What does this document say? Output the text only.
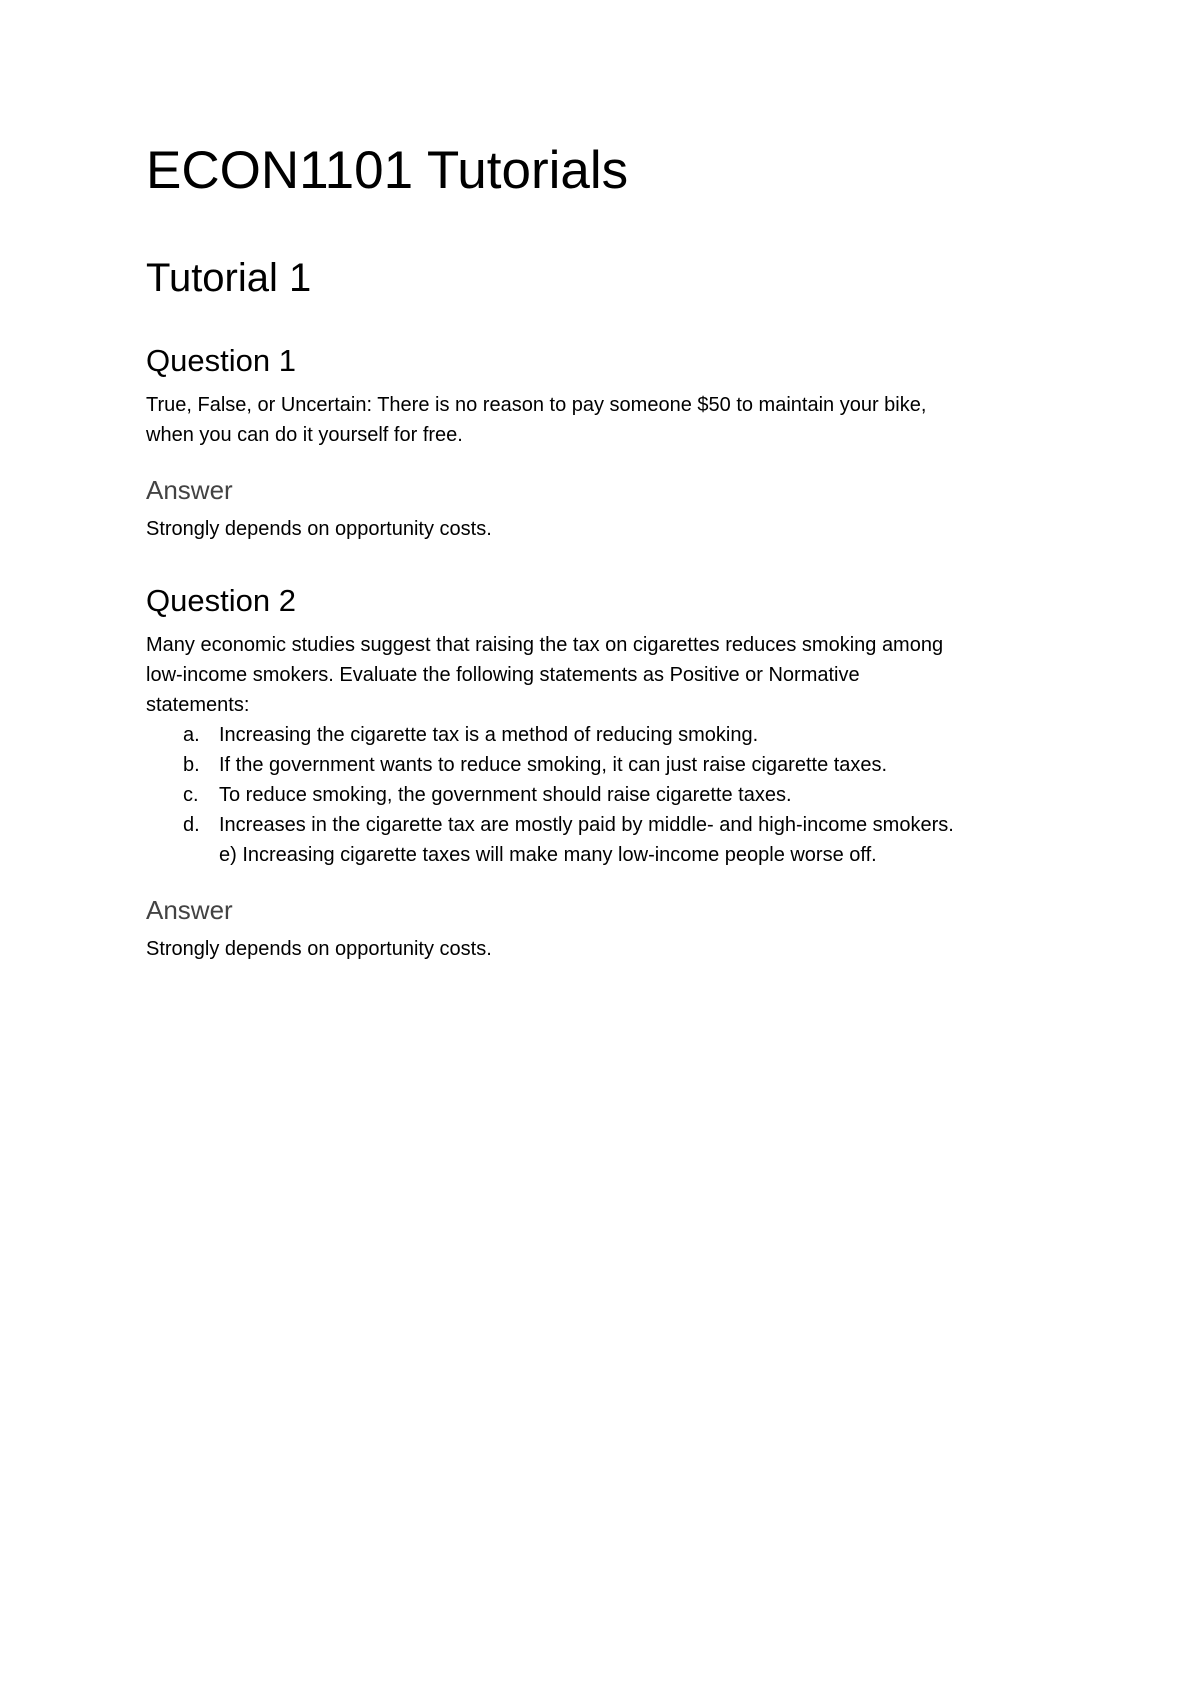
ECON1101 Tutorials
Tutorial 1
Question 1
True, False, or Uncertain: There is no reason to pay someone $50 to maintain your bike,
when you can do it yourself for free.
Answer

Strongly depends on opportunity costs.

Question 2
Many economic studies suggest that raising the tax on cigarettes reduces smoking among
low-income smokers. Evaluate the following statements as Positive or Normative
statements:
a. Increasing the cigarette tax is a method of reducing smoking.
b. If the government wants to reduce smoking, it can just raise cigarette taxes.
c. To reduce smoking, the government should raise cigarette taxes.
d. Increases in the cigarette tax are mostly paid by middle- and high-income smokers.
e) Increasing cigarette taxes will make many low-income people worse off.
Answer

Strongly depends on opportunity costs.
